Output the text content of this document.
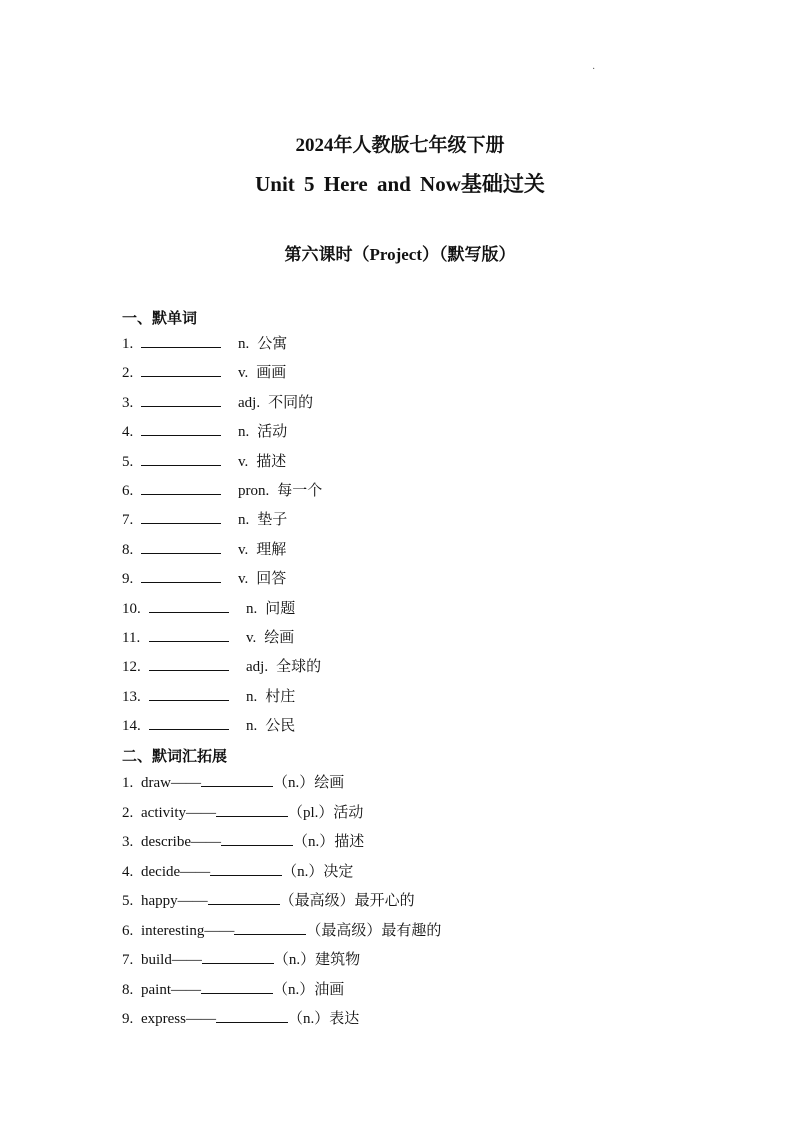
·
2024年人教版七年级下册
Unit 5 Here and Now基础过关
第六课时（Project）（默写版）
一、默单词
1.	n. 公寓
2.	v. 画画
3.	adj. 不同的
4.	n. 活动
5.	v. 描述
6.	pron. 每一个
7.	n. 垫子
8.	v. 理解
9.	v. 回答
10.	n. 问题
11.	v. 绘画
12.	adj. 全球的
13.	n. 村庄
14.	n. 公民
二、默词汇拓展
1. draw——	（n.）绘画
2. activity——	（pl.）活动
3. describe——	（n.）描述
4. decide——	（n.）决定
5. happy——	（最高级）最开心的
6. interesting——	（最高级）最有趣的
7. build——	（n.）建筑物
8. paint——	（n.）油画
9. express——	（n.）表达
